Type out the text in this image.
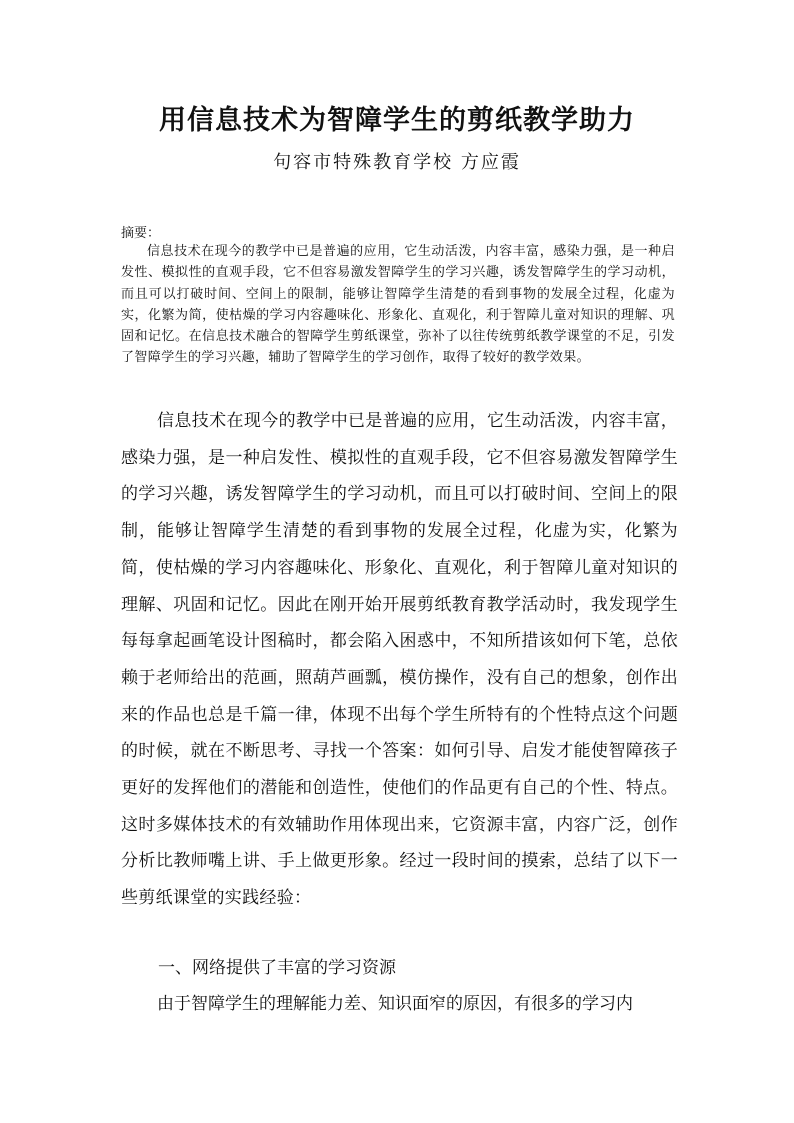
用信息技术为智障学生的剪纸教学助力

句容市特殊教育学校 方应霞

摘要：

信息技术在现今的教学中已是普遍的应用，它生动活泼，内容丰富，感染力强，是一种启发性、模拟性的直观手段，它不但容易激发智障学生的学习兴趣，诱发智障学生的学习动机，而且可以打破时间、空间上的限制，能够让智障学生清楚的看到事物的发展全过程，化虚为实，化繁为简，使枯燥的学习内容趣味化、形象化、直观化，利于智障儿童对知识的理解、巩固和记忆。在信息技术融合的智障学生剪纸课堂，弥补了以往传统剪纸教学课堂的不足，引发了智障学生的学习兴趣，辅助了智障学生的学习创作，取得了较好的教学效果。

信息技术在现今的教学中已是普遍的应用，它生动活泼，内容丰富，感染力强，是一种启发性、模拟性的直观手段，它不但容易激发智障学生的学习兴趣，诱发智障学生的学习动机，而且可以打破时间、空间上的限制，能够让智障学生清楚的看到事物的发展全过程，化虚为实，化繁为简，使枯燥的学习内容趣味化、形象化、直观化，利于智障儿童对知识的理解、巩固和记忆。因此在刚开始开展剪纸教育教学活动时，我发现学生每每拿起画笔设计图稿时，都会陷入困惑中，不知所措该如何下笔，总依赖于老师给出的范画，照葫芦画瓢，模仿操作，没有自己的想象，创作出来的作品也总是千篇一律，体现不出每个学生所特有的个性特点这个问题的时候，就在不断思考、寻找一个答案：如何引导、启发才能使智障孩子更好的发挥他们的潜能和创造性，使他们的作品更有自己的个性、特点。这时多媒体技术的有效辅助作用体现出来，它资源丰富，内容广泛，创作分析比教师嘴上讲、手上做更形象。经过一段时间的摸索，总结了以下一些剪纸课堂的实践经验：

一、网络提供了丰富的学习资源

由于智障学生的理解能力差、知识面窄的原因，有很多的学习内
